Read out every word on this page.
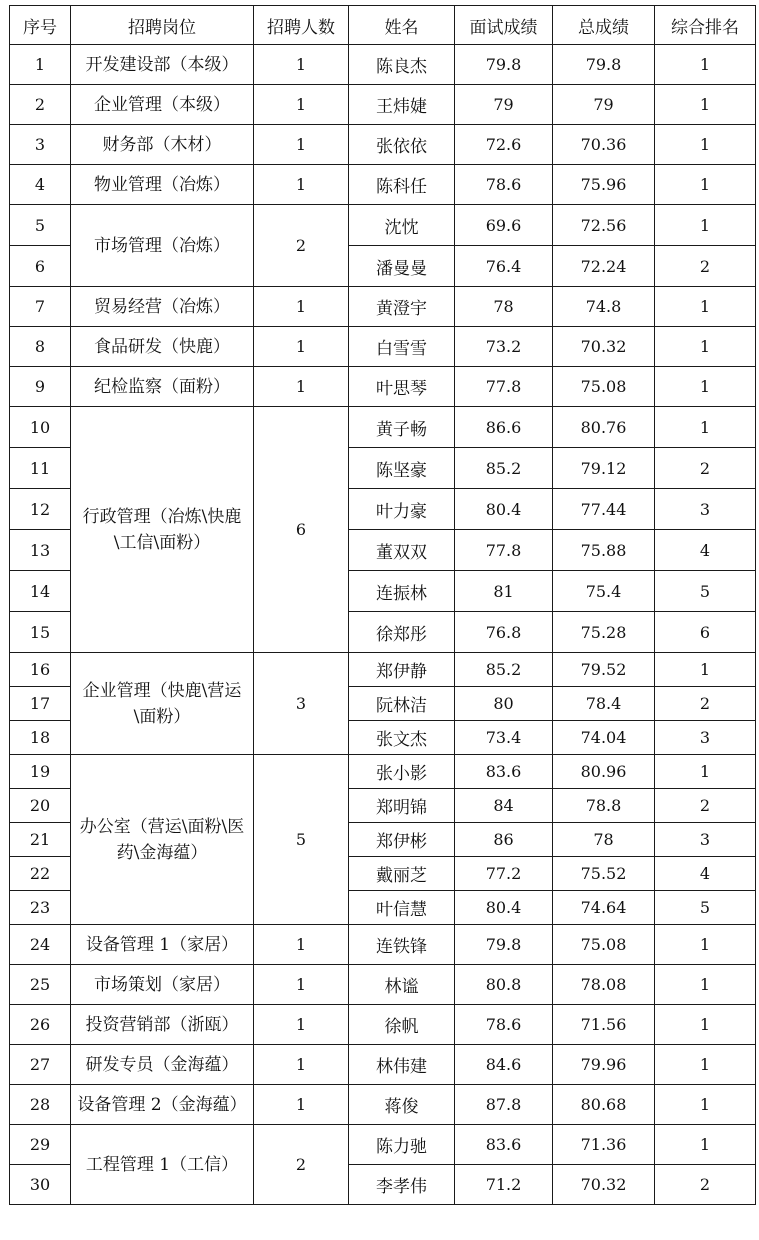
序号	招聘岗位	招聘人数	姓名	面试成绩	总成绩	综合排名
1	开发建设部（本级）	1	陈良杰	79.8	79.8	1
2	企业管理（本级）	1	王炜婕	79	79	1
3	财务部（木材）	1	张依依	72.6	70.36	1
4	物业管理（冶炼）	1	陈科任	78.6	75.96	1
5	市场管理（冶炼）	2	沈忱	69.6	72.56	1
6			潘曼曼	76.4	72.24	2
7	贸易经营（冶炼）	1	黄澄宇	78	74.8	1
8	食品研发（快鹿）	1	白雪雪	73.2	70.32	1
9	纪检监察（面粉）	1	叶思琴	77.8	75.08	1
10	行政管理（冶炼\快鹿\工信\面粉）	6	黄子畅	86.6	80.76	1
11			陈坚豪	85.2	79.12	2
12			叶力豪	80.4	77.44	3
13			董双双	77.8	75.88	4
14			连振林	81	75.4	5
15			徐郑彤	76.8	75.28	6
16	企业管理（快鹿\营运\面粉）	3	郑伊静	85.2	79.52	1
17			阮林洁	80	78.4	2
18			张文杰	73.4	74.04	3
19	办公室（营运\面粉\医药\金海蕴）	5	张小影	83.6	80.96	1
20			郑明锦	84	78.8	2
21			郑伊彬	86	78	3
22			戴丽芝	77.2	75.52	4
23			叶信慧	80.4	74.64	5
24	设备管理 1（家居）	1	连铁锋	79.8	75.08	1
25	市场策划（家居）	1	林谧	80.8	78.08	1
26	投资营销部（浙瓯）	1	徐帆	78.6	71.56	1
27	研发专员（金海蕴）	1	林伟建	84.6	79.96	1
28	设备管理 2（金海蕴）	1	蒋俊	87.8	80.68	1
29	工程管理 1（工信）	2	陈力驰	83.6	71.36	1
30			李孝伟	71.2	70.32	2
